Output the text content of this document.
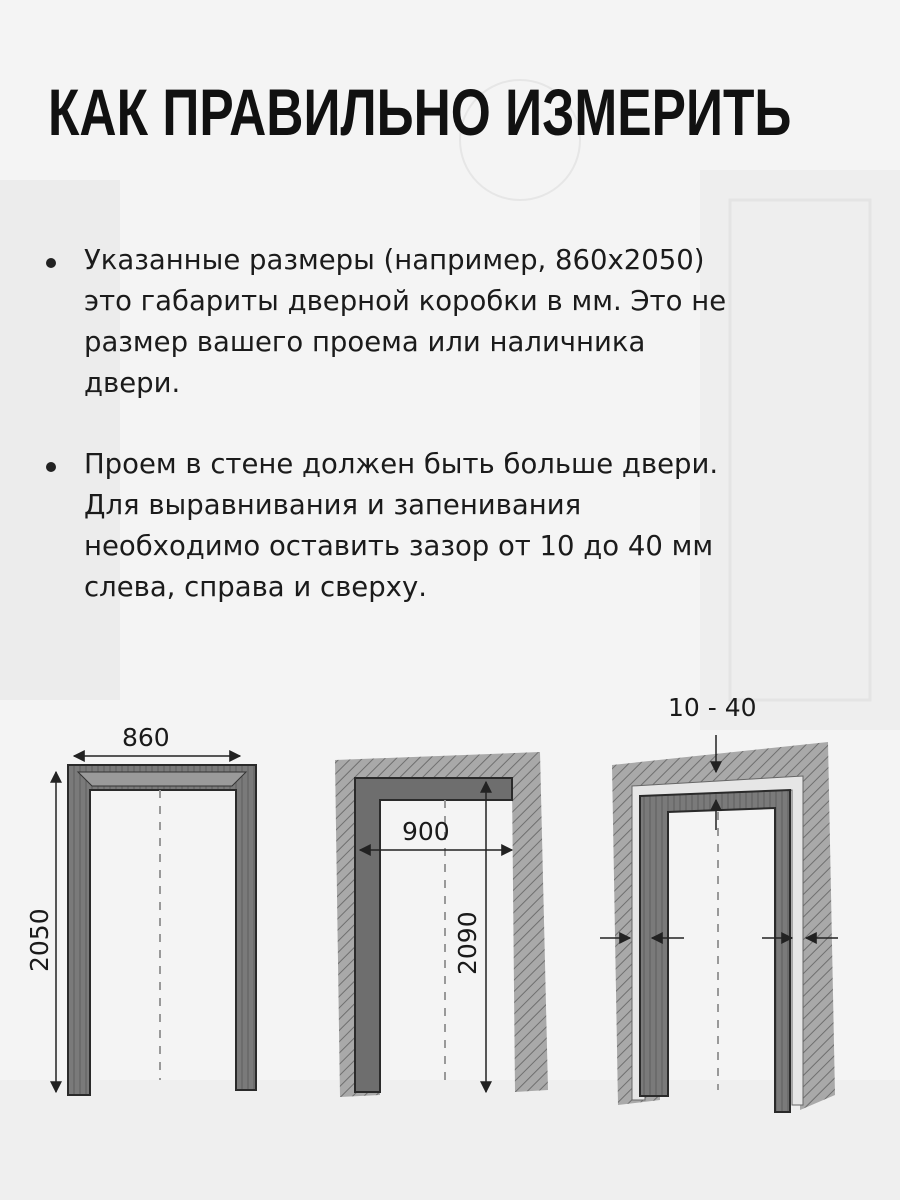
КАК ПРАВИЛЬНО ИЗМЕРИТЬ
Указанные размеры (например, 860х2050)
это габариты дверной коробки в мм. Это не
размер вашего проема или наличника
двери.
Проем в стене должен быть больше двери.
Для выравнивания и запенивания
необходимо оставить зазор от 10 до 40 мм
слева, справа и сверху.
860
2050
900
2090
10 - 40
